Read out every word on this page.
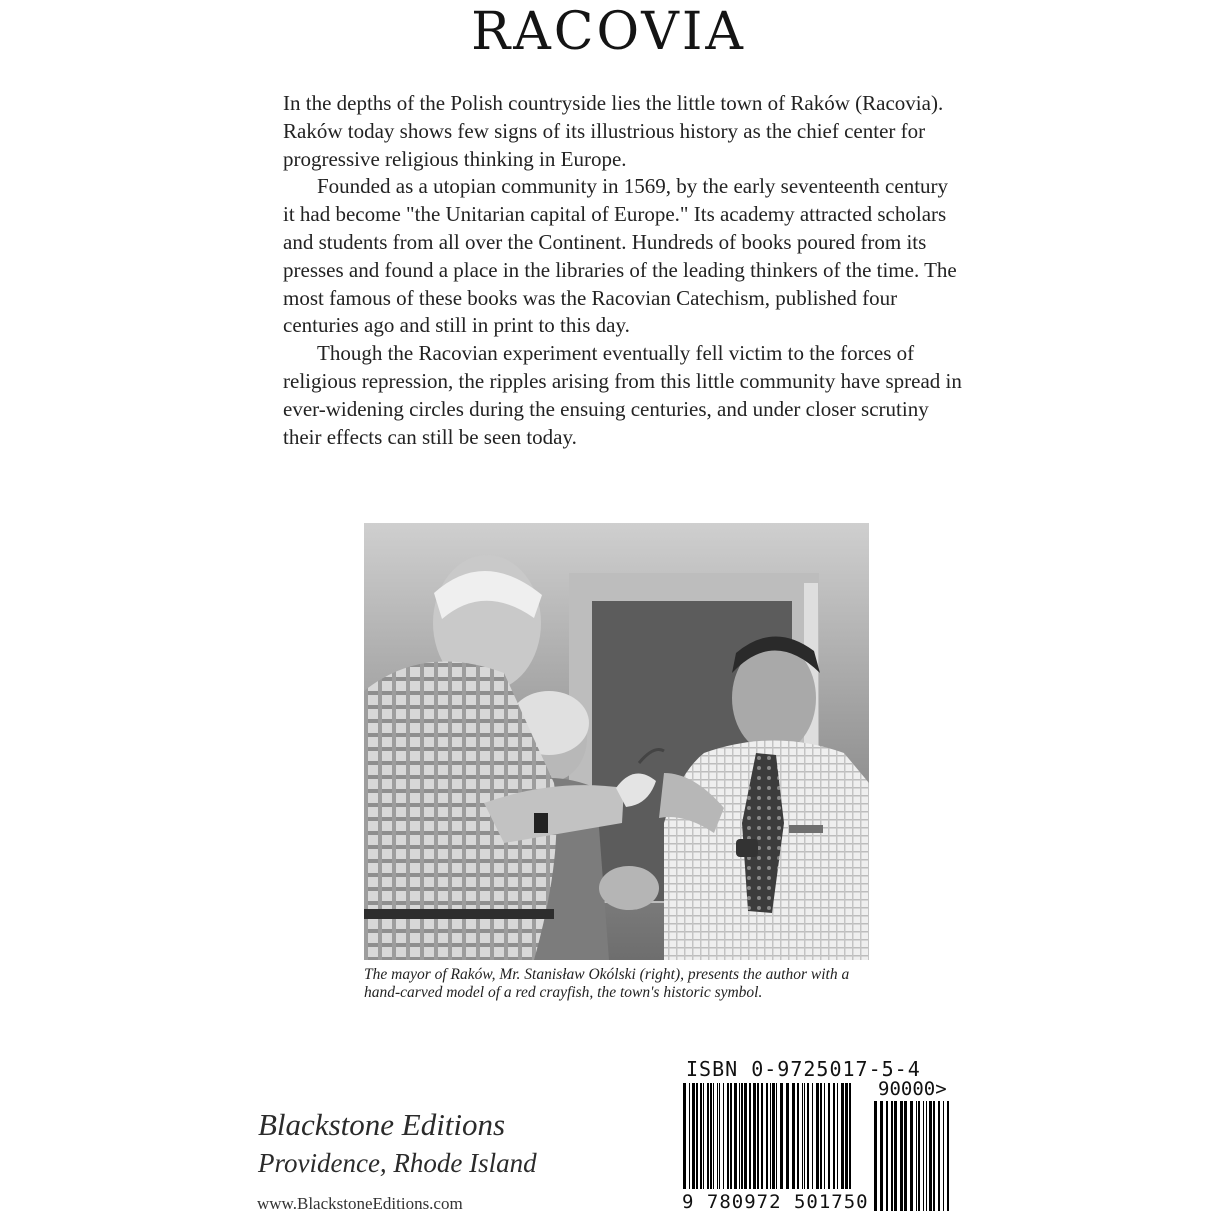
RACOVIA

In the depths of the Polish countryside lies the little town of Raków (Racovia). Raków today shows few signs of its illustrious history as the chief center for progressive religious thinking in Europe.

Founded as a utopian community in 1569, by the early seventeenth century it had become "the Unitarian capital of Europe." Its academy attracted scholars and students from all over the Continent. Hundreds of books poured from its presses and found a place in the libraries of the leading thinkers of the time. The most famous of these books was the Racovian Catechism, published four centuries ago and still in print to this day.

Though the Racovian experiment eventually fell victim to the forces of religious repression, the ripples arising from this little community have spread in ever-widening circles during the ensuing centuries, and under closer scrutiny their effects can still be seen today.

The mayor of Raków, Mr. Stanisław Okólski (right), presents the author with a hand-carved model of a red crayfish, the town's historic symbol.
Blackstone Editions
Providence, Rhode Island
www.BlackstoneEditions.com
ISBN 0-9725017-5-4
90000>
9 780972 501750
